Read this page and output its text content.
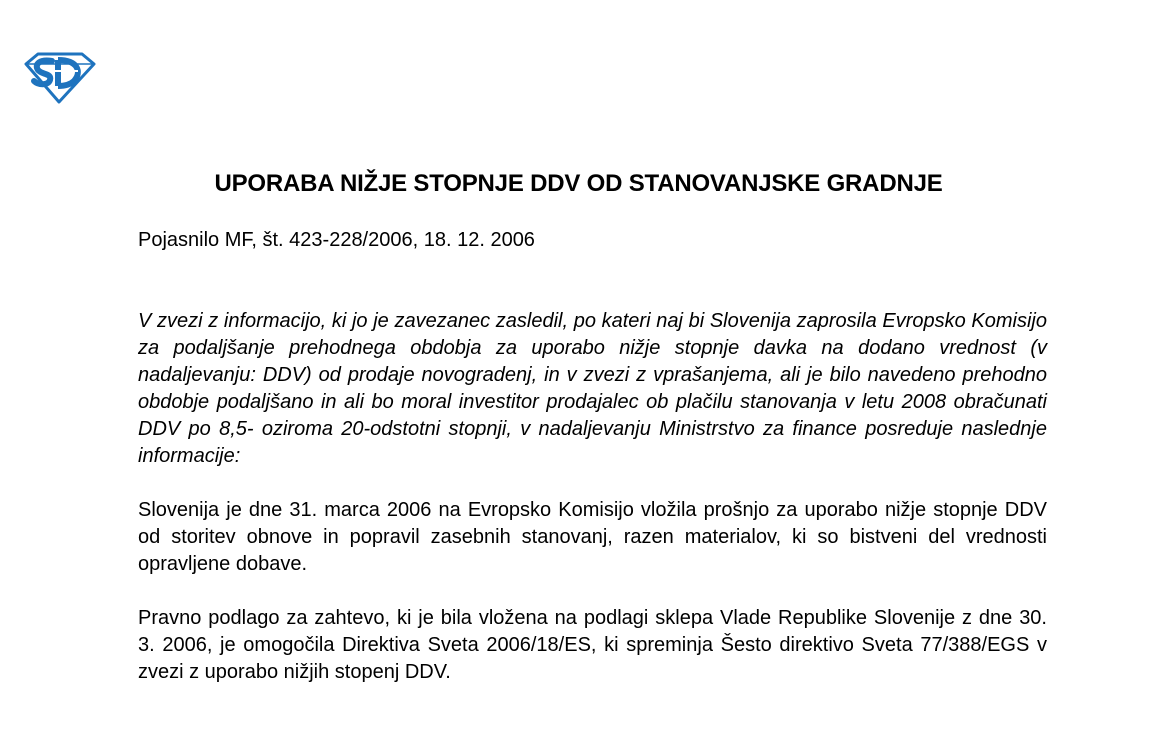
UPORABA NIŽJE STOPNJE DDV OD STANOVANJSKE GRADNJE

Pojasnilo MF, št. 423-228/2006, 18. 12. 2006

V zvezi z informacijo, ki jo je zavezanec zasledil, po kateri naj bi Slovenija zaprosila Evropsko Komisijo za podaljšanje prehodnega obdobja za uporabo nižje stopnje davka na dodano vrednost (v nadaljevanju: DDV) od prodaje novogradenj, in v zvezi z vprašanjema, ali je bilo navedeno prehodno obdobje podaljšano in ali bo moral investitor prodajalec ob plačilu stanovanja v letu 2008 obračunati DDV po 8,5- oziroma 20-odstotni stopnji, v nadaljevanju Ministrstvo za finance posreduje naslednje informacije:

Slovenija je dne 31. marca 2006 na Evropsko Komisijo vložila prošnjo za uporabo nižje stopnje DDV od storitev obnove in popravil zasebnih stanovanj, razen materialov, ki so bistveni del vrednosti opravljene dobave.

Pravno podlago za zahtevo, ki je bila vložena na podlagi sklepa Vlade Republike Slovenije z dne 30. 3. 2006, je omogočila Direktiva Sveta 2006/18/ES, ki spreminja Šesto direktivo Sveta 77/388/EGS v zvezi z uporabo nižjih stopenj DDV.
